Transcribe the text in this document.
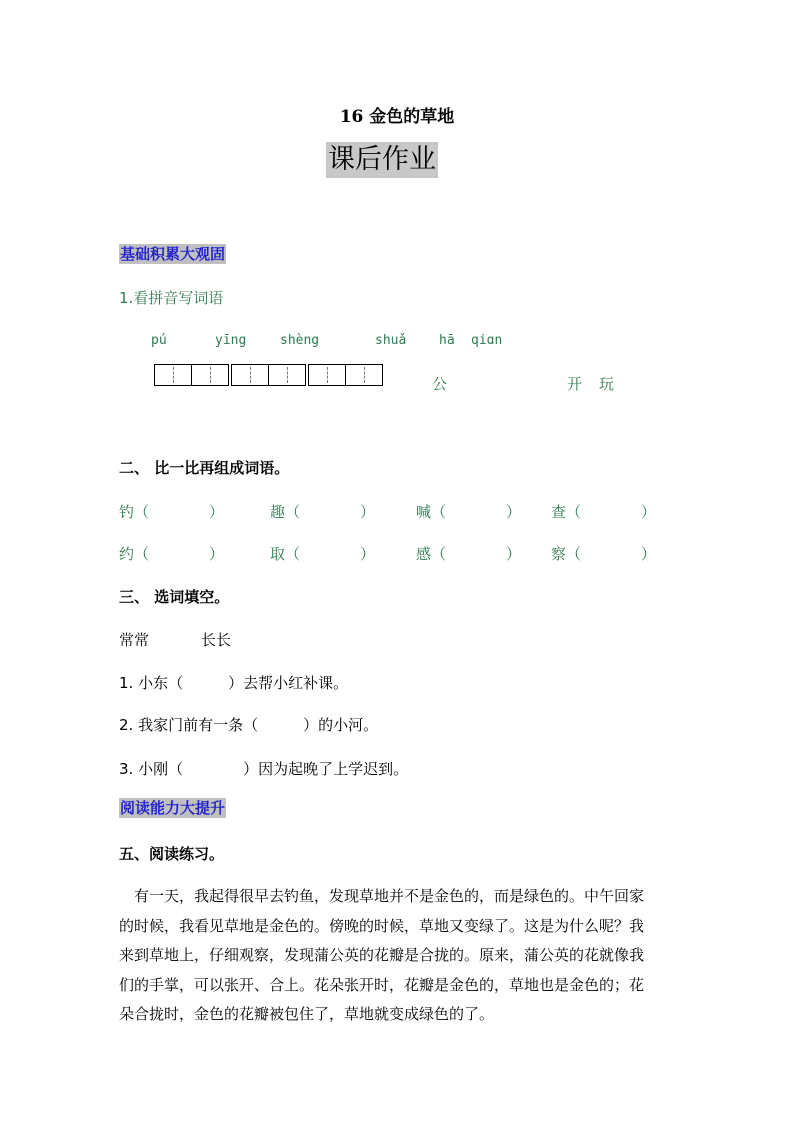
16 金色的草地
课后作业
基础积累大观固
1.看拼音写词语
pú	yīng	shèng	shuǎ	hā qiɑn
公	开 玩
二、 比一比再组成词语。
钓（　　　　）	趣（　　　　）	喊（　　　　） 查（　　　　）
约（　　　　）	取（　　　　）	感（　　　　） 察（　　　　）
三、 选词填空。
常常	长长
1. 小东（　　　）去帮小红补课。
2. 我家门前有一条（　　　）的小河。
3. 小刚（　　　　）因为起晚了上学迟到。
阅读能力大提升
五、阅读练习。

　有一天，我起得很早去钓鱼，发现草地并不是金色的，而是绿色的。中午回家

的时候，我看见草地是金色的。傍晚的时候，草地又变绿了。这是为什么呢？我

来到草地上，仔细观察，发现蒲公英的花瓣是合拢的。原来，蒲公英的花就像我

们的手掌，可以张开、合上。花朵张开时，花瓣是金色的，草地也是金色的；花

朵合拢时，金色的花瓣被包住了，草地就变成绿色的了。
